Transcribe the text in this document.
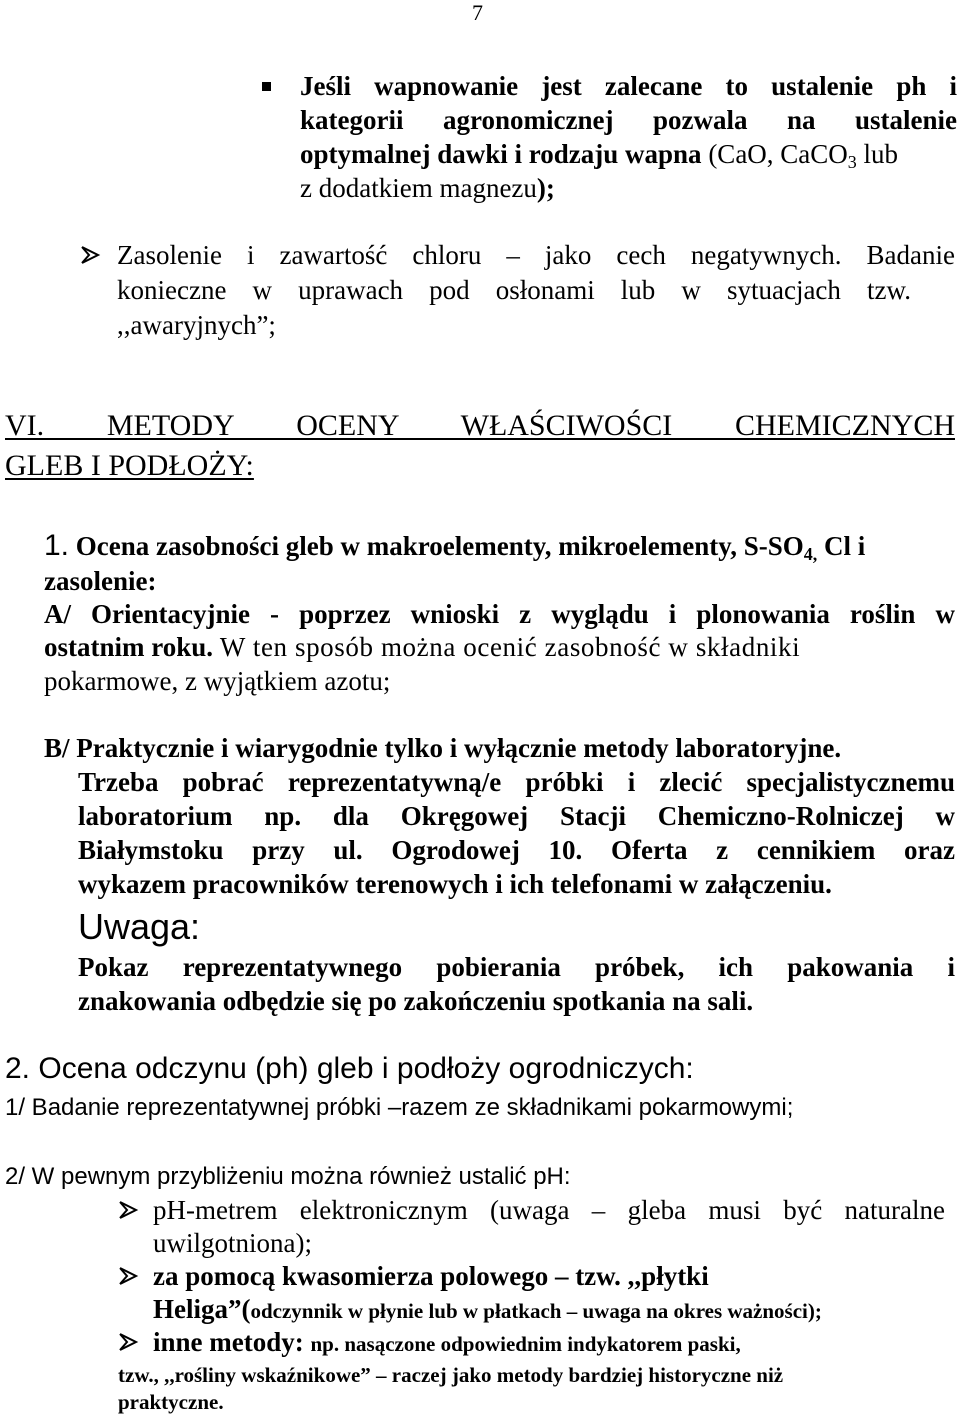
7
Jeśli wapnowanie jest zalecane to ustalenie ph i
kategorii agronomicznej pozwala na ustalenie
optymalnej dawki i rodzaju wapna (CaO, CaCO$_3$ lub
z dodatkiem magnezu);
Zasolenie i zawartość chloru – jako cech negatywnych. Badanie
konieczne w uprawach pod osłonami lub w sytuacjach tzw.
,,awaryjnych”;
VI. METODY OCENY WŁAŚCIWOŚCI CHEMICZNYCH
GLEB I PODŁOŻY:
1. Ocena zasobności gleb w makroelementy, mikroelementy, $S-SO_{4,}$ Cl i
zasolenie:
A/ Orientacyjnie - poprzez wnioski z wyglądu i plonowania roślin w
ostatnim roku. W ten sposób można ocenić zasobność w składniki
pokarmowe, z wyjątkiem azotu;
B/ Praktycznie i wiarygodnie tylko i wyłącznie metody laboratoryjne.
Trzeba pobrać reprezentatywną/e próbki i zlecić specjalistycznemu
laboratorium np. dla Okręgowej Stacji Chemiczno-Rolniczej w
Białymstoku przy ul. Ogrodowej 10. Oferta z cennikiem oraz
wykazem pracowników terenowych i ich telefonami w załączeniu.
Uwaga:
Pokaz reprezentatywnego pobierania próbek, ich pakowania i
znakowania odbędzie się po zakończeniu spotkania na sali.
2. Ocena odczynu (ph) gleb i podłoży ogrodniczych:
1/ Badanie reprezentatywnej próbki –razem ze składnikami pokarmowymi;
2/ W pewnym przybliżeniu można również ustalić pH:
pH-metrem elektronicznym (uwaga – gleba musi być naturalne
uwilgotniona);
za pomocą kwasomierza polowego – tzw. ,,płytki
Heliga”(odczynnik w płynie lub w płatkach – uwaga na okres ważności);
inne metody: np. nasączone odpowiednim indykatorem paski,
tzw., ,,rośliny wskaźnikowe” – raczej jako metody bardziej historyczne niż
praktyczne.
